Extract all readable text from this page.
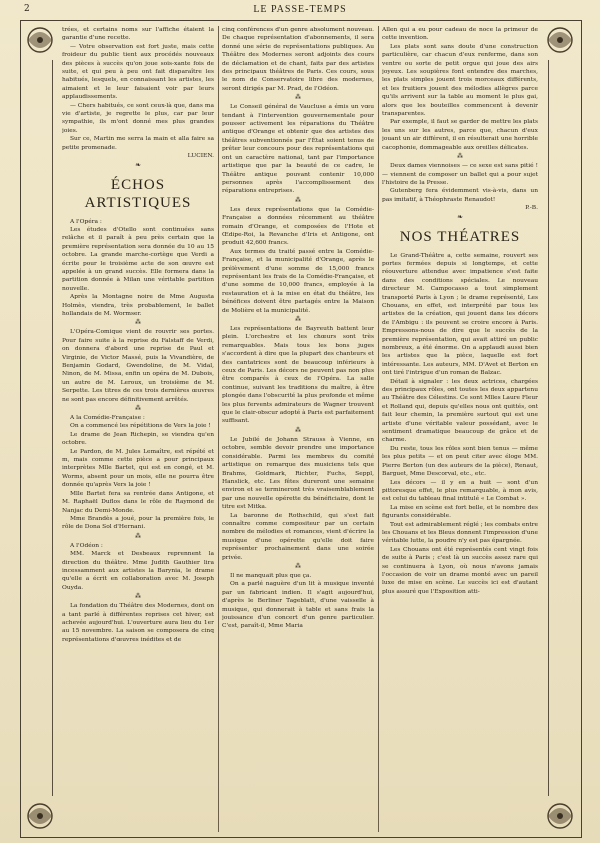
2	LE PASSE-TEMPS

trées, et certains noms sur l'affiche étaient la garantie d'une recette.

— Votre observation est fort juste, mais cette froideur du public tient aux procédés nouveaux des pièces à succès qu'on joue sois-xante fois de suite, et qui peu à peu ont fait disparaître les habitués, lesquels, en connaissant les artistes, les aimaient et le leur faisaient voir par leurs applaudissements.

— Chers habitués, ce sont ceux-là que, dans ma vie d'artiste, je regrette le plus, car par leur sympathie, ils m'ont donné mes plus grandes joies.

Sur ce, Martin me serra la main et alla faire sa petite promenade.

LUCIEN.
❧
ÉCHOS ARTISTIQUES

A l'Opéra :

Les études d'Otello sont continuées sans relâche et il paraît à peu près certain que la première représentation sera donnée du 10 au 15 octobre. La grande marche-cortège que Verdi a écrite pour le troisième acte de son œuvre est appelée à un grand succès. Elle formera dans la partition donnée à Milan une véritable partition nouvelle.

Après la Montagne noire de Mme Augusta Holmès, viendra, très probablement, le ballet hollandais de M. Wormser.

⁂

L'Opéra-Comique vient de rouvrir ses portes. Pour faire suite à la reprise du Falstaff de Verdi, on donnera d'abord une reprise de Paul et Virginie, de Victor Massé, puis la Vivandière, de Benjamin Godard, Gwendoline, de M. Vidal, Ninon, de M. Missa, enfin un opéra de M. Dubois, un autre de M. Leroux, un troisième de M. Serpette. Les titres de ces trois dernières œuvres ne sont pas encore définitivement arrêtés.

⁂

A la Comédie-Française :

On a commencé les répétitions de Vers la joie !

Le drame de Jean Richepin, se viendra qu'en octobre.

Le Pardon, de M. Jules Lemaître, est répété et m, mais comme cette pièce a pour principaux interprètes Mlle Bartet, qui est en congé, et M. Worms, absent pour un mois, elle ne pourra être donnée qu'après Vers la joie !

Mlle Bartet fera sa rentrée dans Antigone, et M. Raphaël Duflos dans le rôle de Raymond de Nanjac du Demi-Monde.

Mme Brandès a joué, pour la première fois, le rôle de Dona Sol d'Hernani.

⁂

A l'Odéon :

MM. Marck et Desbeaux reprennent la direction du théâtre. Mme Judith Gauthier lira incessamment aux artistes la Barynia, le drame qu'elle a écrit en collaboration avec M. Joseph Ouyda.

⁂

La fondation du Théâtre des Modernes, dont on a tant parlé à différentes reprises cet hiver, est achevée aujourd'hui. L'ouverture aura lieu du 1er au 15 novembre. La saison se composera de cinq représentations d'œuvres inédites et de

cinq conférences d'un genre absolument nouveau. De chaque représentation d'abonnements, il sera donné une série de représentations publiques. Au Théâtre des Modernes seront adjoints des cours de déclamation et de chant, faits par des artistes des principaux théâtres de Paris. Ces cours, sous le nom de Conservatoire libre des modernes, seront dirigés par M. Prad, de l'Odéon.

⁂

Le Conseil général de Vaucluse a émis un vœu tendant à l'intervention gouvernementale pour pousser activement les réparations du Théâtre antique d'Orange et obtenir que des artistes des théâtres subventionnés par l'État soient tenus de prêter leur concours pour des représentations qui ont un caractère national, tant par l'importance artistique que par la beauté de ce cadre, le Théâtre antique pouvant contenir 10,000 personnes après l'accomplissement des réparations entreprises.

⁂

Les deux représentations que la Comédie-Française a données récemment au théâtre romain d'Orange, et composées de l'Hote et Œdipe-Roi, la Revanche d'Iris et Antigone, ont produit 42,600 francs.

Aux termes du traité passé entre la Comédie-Française, et la municipalité d'Orange, après le prélèvement d'une somme de 15,000 francs représentant les frais de la Comédie-Française, et d'une somme de 10,000 francs, employée à la restauration et à la mise en état du théâtre, les bénéfices doivent être partagés entre la Maison de Molière et la municipalité.

⁂

Les représentations de Bayreuth battent leur plein. L'orchestre et les chœurs sont très remarquables. Mais tous les bons juges s'accordent à dire que la plupart des chanteurs et des cantatrices sont de beaucoup inférieurs à ceux de Paris. Les décors ne peuvent pas non plus être comparés à ceux de l'Opéra. La salle continue, suivant les traditions du maître, à être plongée dans l'obscurité la plus profonde et même les plus fervents admirateurs de Wagner trouvent que le clair-obscur adopté à Paris est parfaitement suffisant.

⁂

Le Jubilé de Johann Strauss à Vienne, en octobre, semble devoir prendre une importance considérable. Parmi les membres du comité artistique on remarque des musiciens tels que Brahms, Goldmark, Richter, Fuchs, Seppl, Hanslick, etc. Les fêtes dureront une semaine environ et se termineront très vraisemblablement par une nouvelle opérette du bénéficiaire, dont le titre est Mitka.

La baronne de Rothschild, qui s'est fait connaître comme compositeur par un certain nombre de mélodies et romances, vient d'écrire la musique d'une opérette qu'elle doit faire représenter prochainement dans une soirée privée.

⁂

Il ne manquait plus que ça.

On a parlé naguère d'un lit à musique inventé par un fabricant indien. Il s'agit aujourd'hui, d'après le Berliner Tageblatt, d'une vaisselle à musique, qui donnerait à table et sans frais la jouissance d'un concert d'un genre particulier. C'est, paraît-il, Mme Maria

Allen qui a eu pour cadeau de noce la primeur de cette invention.

Les plats sont sans doute d'une construction particulière, car chacun d'eux renferme, dans son ventre ou sorte de petit orgue qui joue des airs joyeux. Les soupières font entendre des marches, les plats simples jouent trois morceaux différents, et les fruitiers jouent des mélodies allègres parce qu'ils arrivent sur la table au moment le plus gai, alors que les bouteilles commencent à devenir transparentes.

Par exemple, il faut se garder de mettre les plats les uns sur les autres, parce que, chacun d'eux jouant un air différent, il en résulterait une horrible cacophonie, dommageable aux oreilles délicates.

⁂

Deux dames viennoises — ce sexe est sans pitié ! — viennent de composer un ballet qui a pour sujet l'histoire de la Presse.

Gutenberg fera évidemment vis-à-vis, dans un pas imitatif, à Théophraste Renaudot!

P.-B.
❧
NOS THÉATRES

Le Grand-Théâtre a, cette semaine, rouvert ses portes fermées depuis si longtemps, et cette réouverture attendue avec impatience s'est faite dans des conditions spéciales. Le nouveau directeur M. Campocasso a tout simplement transporté Paris à Lyon ; le drame représenté, Les Chouans, en effet, est interprété par tous les artistes de la création, qui jouent dans les décors de l'Ambigu : ils peuvent se croire encore à Paris. Empressons-nous de dire que le succès de la première représentation, qui avait attiré un public nombreux, a été énorme. On a applaudi aussi bien les artistes que la pièce, laquelle est fort intéressante. Les auteurs, MM. D'Avet et Berton en ont tiré l'intrigue d'un roman de Balzac.

Détail à signaler : les deux actrices, chargées des principaux rôles, ont toutes les deux appartenu au Théâtre des Célestins. Ce sont Mlles Laure Fleur et Rolland qui, depuis qu'elles nous ont quittés, ont fait leur chemin, la première surtout qui est une artiste d'une véritable valeur possédant, avec le sentiment dramatique beaucoup de grâce et de charme.

Du reste, tous les rôles sont bien tenus — même les plus petits — et on peut citer avec éloge MM. Pierre Berton (un des auteurs de la pièce), Renaut, Barguet, Mme Descorval, etc., etc.

Les décors — il y en a huit — sont d'un pittoresque effet, le plus remarquable, à mon avis, est celui du tableau final intitulé « Le Combat ».

La mise en scène est fort belle, et le nombre des figurants considérable.

Tout est admirablement réglé ; les combats entre les Chouans et les Bleus donnent l'impression d'une véritable lutte, la poudre n'y est pas épargnée.

Les Chouans ont été représentés cent vingt fois de suite à Paris ; c'est là un succès assez rare qui se continuera à Lyon, où nous n'avons jamais l'occasion de voir un drame monté avec un pareil luxe de mise en scène. Le succès ici est d'autant plus assuré que l'Exposition atti-
